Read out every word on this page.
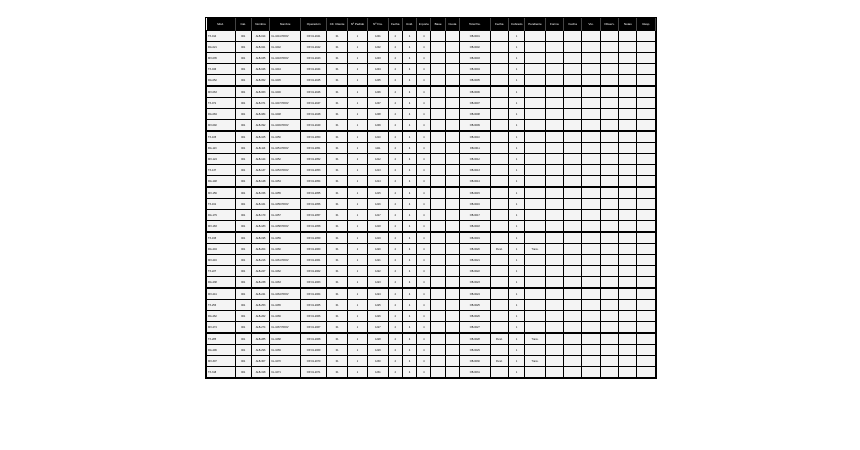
Mod.	Cat.	Nombre	Nombre	Operación	CF. Cliente	Nº Pedido	Nº Fra.	Fecha	Unid.	Importe	Base	Cuota	Total fra.	Fecha	Cobrado	Pendiente	Forma	Fecha	Vto.	Observ.	Notas	Resp.
TX-014	001	ALB-014	CL-1041 PROV	OP-01-2041	01	1	1201	4	4	4			OB-0001		1							
RG-021	001	ALB-021	CL-1042	OP-01-2042	01	1	1202	4	4	4			OB-0002		1							
MX-035	001	ALB-035	CL-1043 PROV	OP-01-2043	01	1	1203	4	4	4			OB-0003		1							
TX-046	001	ALB-046	CL-1044	OP-01-2044	01	1	1204	4	4	4			OB-0004		1							
RG-052	001	ALB-052	CL-1045	OP-01-2045	01	1	1205	4	4	4			OB-0005		1							
MX-063	001	ALB-063	CL-1046	OP-01-2046	01	1	1206	4	4	4			OB-0006		1							
TX-071	001	ALB-071	CL-1047 PROV	OP-01-2047	01	1	1207	4	4	4			OB-0007		1							
RG-084	001	ALB-084	CL-1048	OP-01-2048	01	1	1208	4	4	4			OB-0008		1							
MX-092	001	ALB-092	CL-1049 PROV	OP-01-2049	01	1	1209	4	4	4			OB-0009		1							
TX-105	001	ALB-105	CL-1050	OP-01-2050	01	1	1210	4	4	4			OB-0010		1							
RG-113	001	ALB-113	CL-1051 PROV	OP-01-2051	01	1	1211	4	4	4			OB-0011		1							
MX-124	001	ALB-124	CL-1052	OP-01-2052	01	1	1212	4	4	4			OB-0012		1							
TX-137	001	ALB-137	CL-1053 PROV	OP-01-2053	01	1	1213	4	4	4			OB-0013		1							
RG-148	001	ALB-148	CL-1054	OP-01-2054	01	1	1214	4	4	4			OB-0014		1							
MX-156	001	ALB-156	CL-1055	OP-01-2055	01	1	1215	4	4	4			OB-0015		1							
TX-161	001	ALB-161	CL-1056 PROV	OP-01-2056	01	1	1216	4	4	4			OB-0016		1							
RG-179	001	ALB-179	CL-1057	OP-01-2057	01	1	1217	4	4	4			OB-0017		1							
MX-183	001	ALB-183	CL-1058 PROV	OP-01-2058	01	1	1218	4	4	4			OB-0018		1							
TX-195	001	ALB-195	CL-1059	OP-01-2059	01	1	1219	4	4	4			OB-0019		1							
RG-204	001	ALB-204	CL-1060	OP-01-2060	01	1	1220	4	4	4			OB-0020	Pend.	1	Trans.						
MX-216	001	ALB-216	CL-1061 PROV	OP-01-2061	01	1	1221	4	4	4			OB-0021		1							
TX-227	001	ALB-227	CL-1062	OP-01-2062	01	1	1222	4	4	4			OB-0022		1							
RG-238	001	ALB-238	CL-1063	OP-01-2063	01	1	1223	4	4	4			OB-0023		1							
MX-241	001	ALB-241	CL-1064 PROV	OP-01-2064	01	1	1224	4	4	4			OB-0024		1							
TX-253	001	ALB-253	CL-1065	OP-01-2065	01	1	1225	4	4	4			OB-0025		1							
RG-262	001	ALB-262	CL-1066	OP-01-2066	01	1	1226	4	4	4			OB-0026		1							
MX-274	001	ALB-274	CL-1067 PROV	OP-01-2067	01	1	1227	4	4	4			OB-0027		1							
TX-285	001	ALB-285	CL-1068	OP-01-2068	01	1	1228	4	4	4			OB-0028	Pend.	1	Trans.						
RG-296	001	ALB-296	CL-1069	OP-01-2069	01	1	1229	4	4	4			OB-0029		1							
MX-307	001	ALB-307	CL-1070	OP-01-2070	01	1	1230	4	4	4			OB-0030	Pend.	1	Trans.						
TX-318	001	ALB-318	CL-1071	OP-01-2071	01	1	1231	4	4	4			OB-0031		1							
